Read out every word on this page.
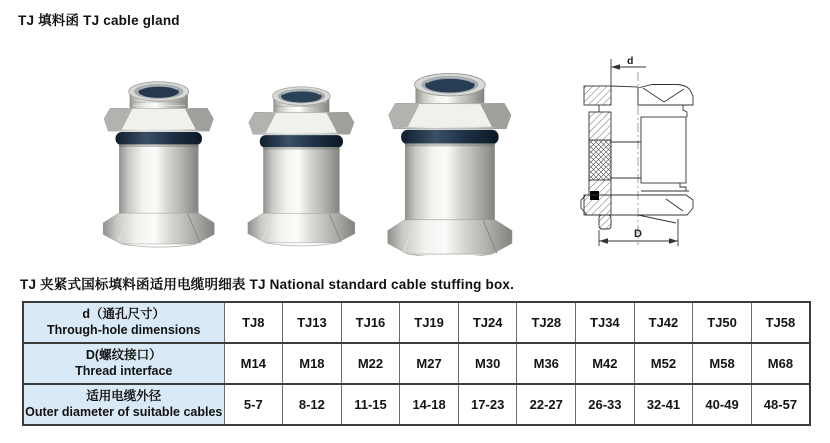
TJ 填料函 TJ cable gland
d
D
TJ 夹紧式国标填料函适用电缆明细表 TJ National standard cable stuffing box.
d（通孔尺寸）
Through-hole dimensions	TJ8	TJ13	TJ16	TJ19	TJ24	TJ28	TJ34	TJ42	TJ50	TJ58

D(螺纹接口）
Thread interface	M14	M18	M22	M27	M30	M36	M42	M52	M58	M68

适用电缆外径
Outer diameter of suitable cables	5-7	8-12	11-15	14-18	17-23	22-27	26-33	32-41	40-49	48-57
